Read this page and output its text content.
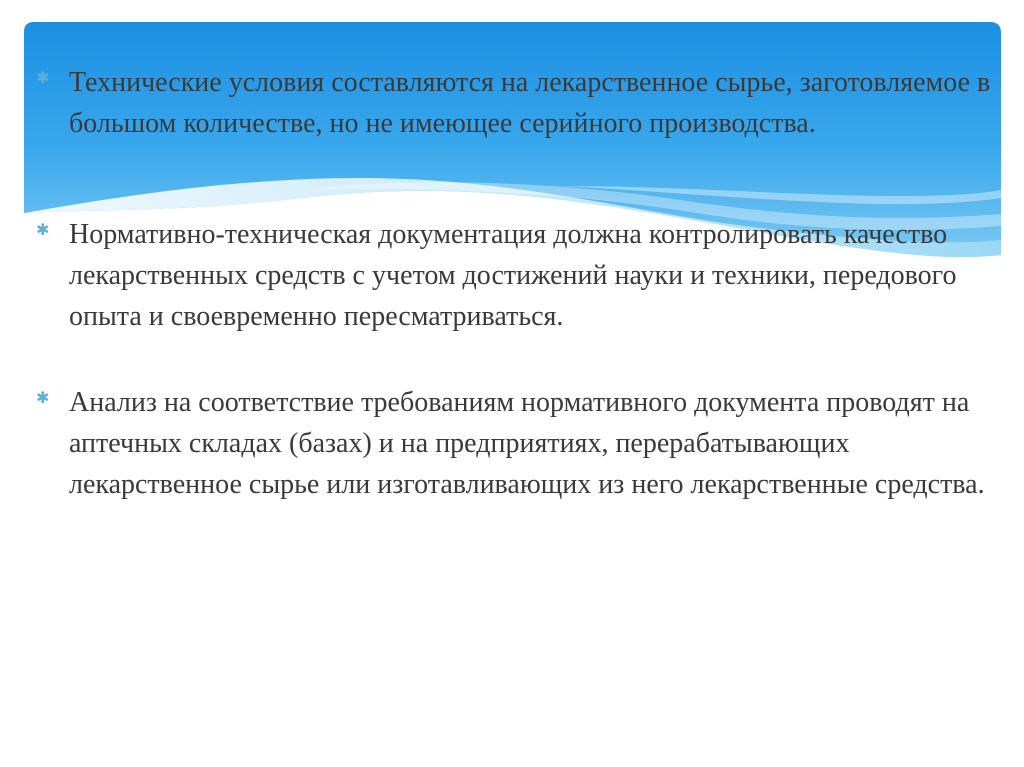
✱ Технические условия составляются на лекарственное сырье, заготовляемое в большом количестве, но не имеющее серийного производства.
✱ Нормативно-техническая документация должна контролировать качество лекарственных средств с учетом достижений науки и техники, передового опыта и своевременно пересматриваться.
✱ Анализ на соответствие требованиям нормативного документа проводят на аптечных складах (базах) и на предприятиях, перерабатывающих лекарственное сырье или изготавливающих из него лекарственные средства.
